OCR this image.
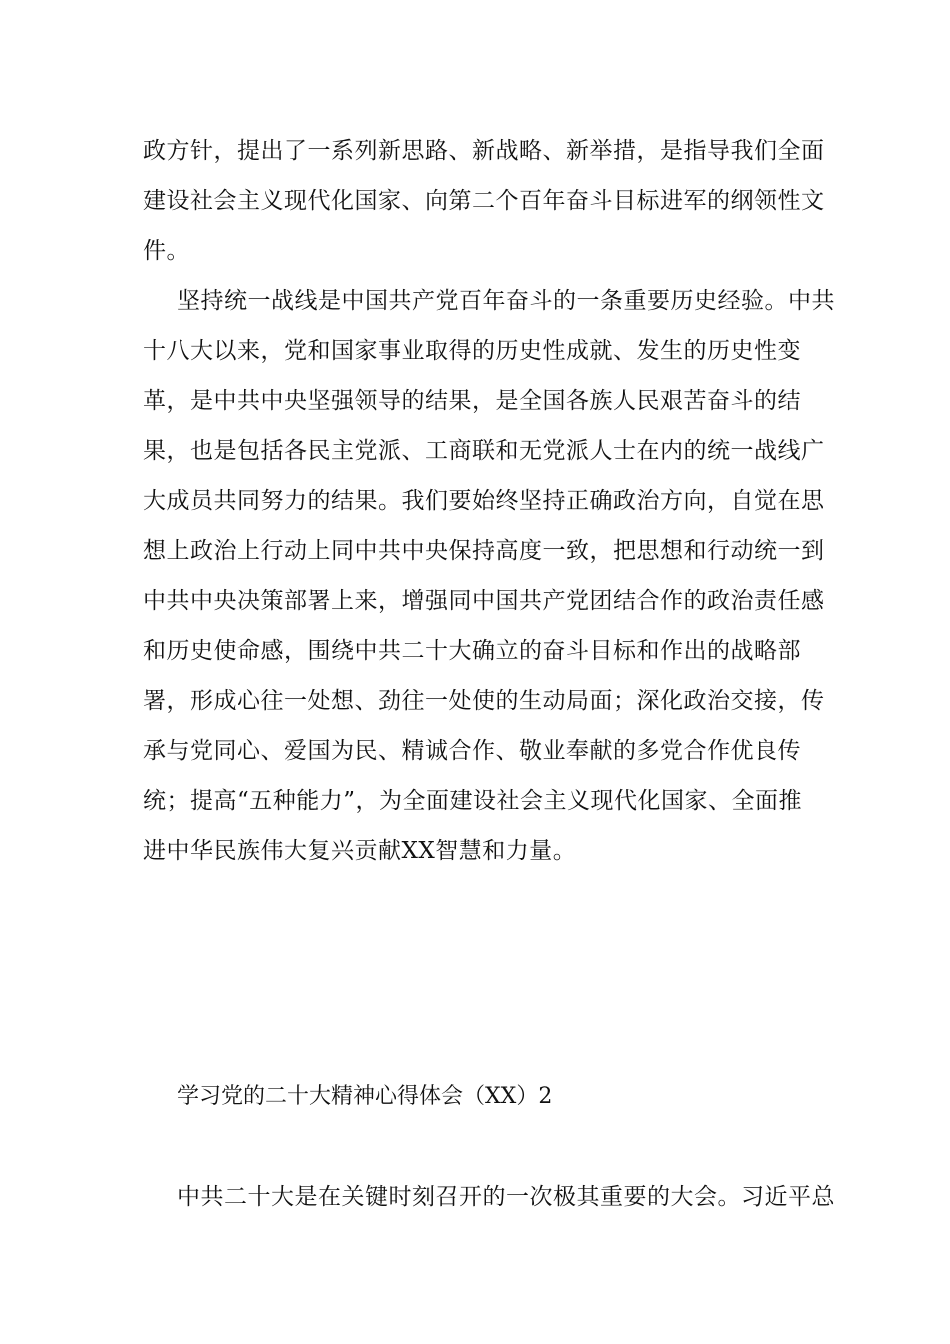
政方针，提出了一系列新思路、新战略、新举措，是指导我们全面
建设社会主义现代化国家、向第二个百年奋斗目标进军的纲领性文
件。
坚持统一战线是中国共产党百年奋斗的一条重要历史经验。中共
十八大以来，党和国家事业取得的历史性成就、发生的历史性变
革，是中共中央坚强领导的结果，是全国各族人民艰苦奋斗的结
果，也是包括各民主党派、工商联和无党派人士在内的统一战线广
大成员共同努力的结果。我们要始终坚持正确政治方向，自觉在思
想上政治上行动上同中共中央保持高度一致，把思想和行动统一到
中共中央决策部署上来，增强同中国共产党团结合作的政治责任感
和历史使命感，围绕中共二十大确立的奋斗目标和作出的战略部
署，形成心往一处想、劲往一处使的生动局面；深化政治交接，传
承与党同心、爱国为民、精诚合作、敬业奉献的多党合作优良传
统；提高“五种能力”，为全面建设社会主义现代化国家、全面推
进中华民族伟大复兴贡献XX智慧和力量。
学习党的二十大精神心得体会（XX）2
中共二十大是在关键时刻召开的一次极其重要的大会。习近平总
